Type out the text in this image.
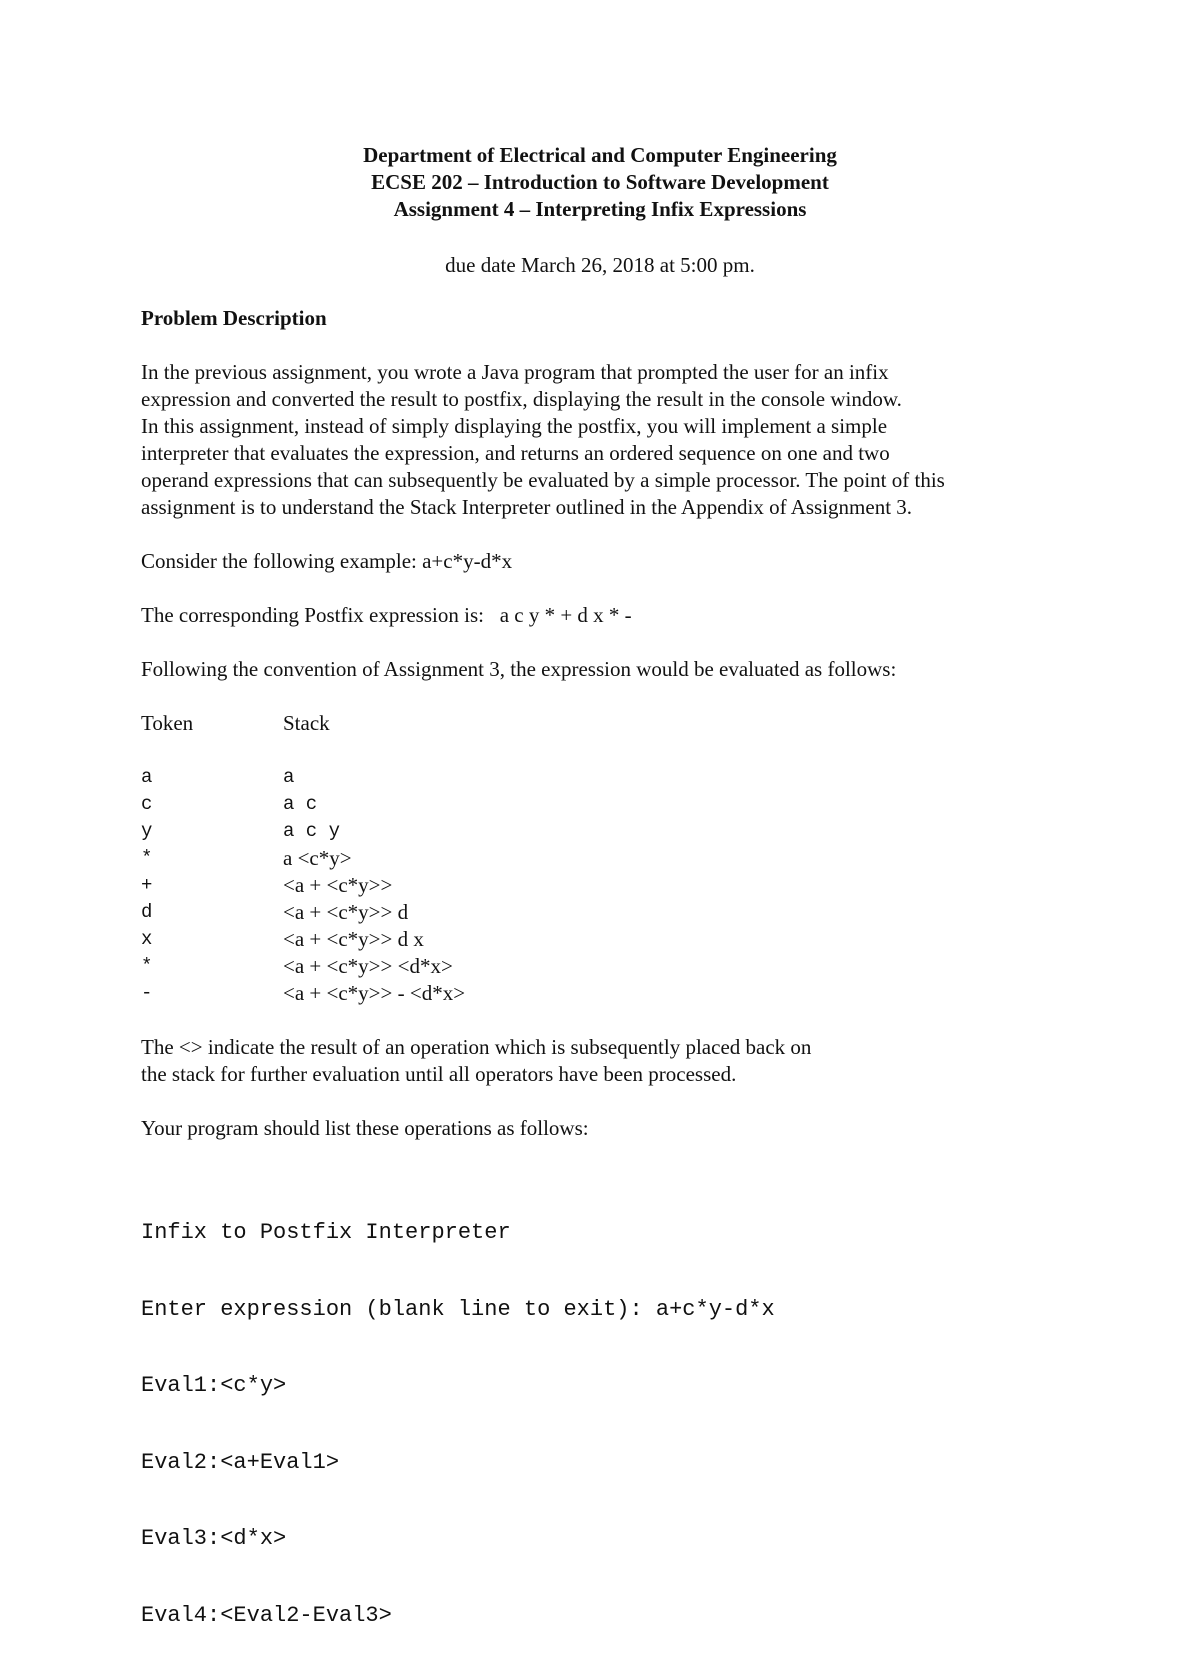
Department of Electrical and Computer Engineering
ECSE 202 – Introduction to Software Development
Assignment 4 – Interpreting Infix Expressions
due date March 26, 2018 at 5:00 pm.
Problem Description

In the previous assignment, you wrote a Java program that prompted the user for an infix

expression and converted the result to postfix, displaying the result in the console window.

In this assignment, instead of simply displaying the postfix, you will implement a simple

interpreter that evaluates the expression, and returns an ordered sequence on one and two

operand expressions that can subsequently be evaluated by a simple processor. The point of this

assignment is to understand the Stack Interpreter outlined in the Appendix of Assignment 3.

Consider the following example: a+c*y-d*x

The corresponding Postfix expression is:   a c y * + d x * -

Following the convention of Assignment 3, the expression would be evaluated as follows:

Token	Stack
a	a
c	a c
y	a c y
*	a <c*y>
+	<a + <c*y>>
d	<a + <c*y>> d
x	<a + <c*y>> d x
*	<a + <c*y>> <d*x>
-	<a + <c*y>> - <d*x>

The <> indicate the result of an operation which is subsequently placed back on

the stack for further evaluation until all operators have been processed.

Your program should list these operations as follows:

Infix to Postfix Interpreter

Enter expression (blank line to exit): a+c*y-d*x

Eval1:<c*y>

Eval2:<a+Eval1>

Eval3:<d*x>

Eval4:<Eval2-Eval3>
